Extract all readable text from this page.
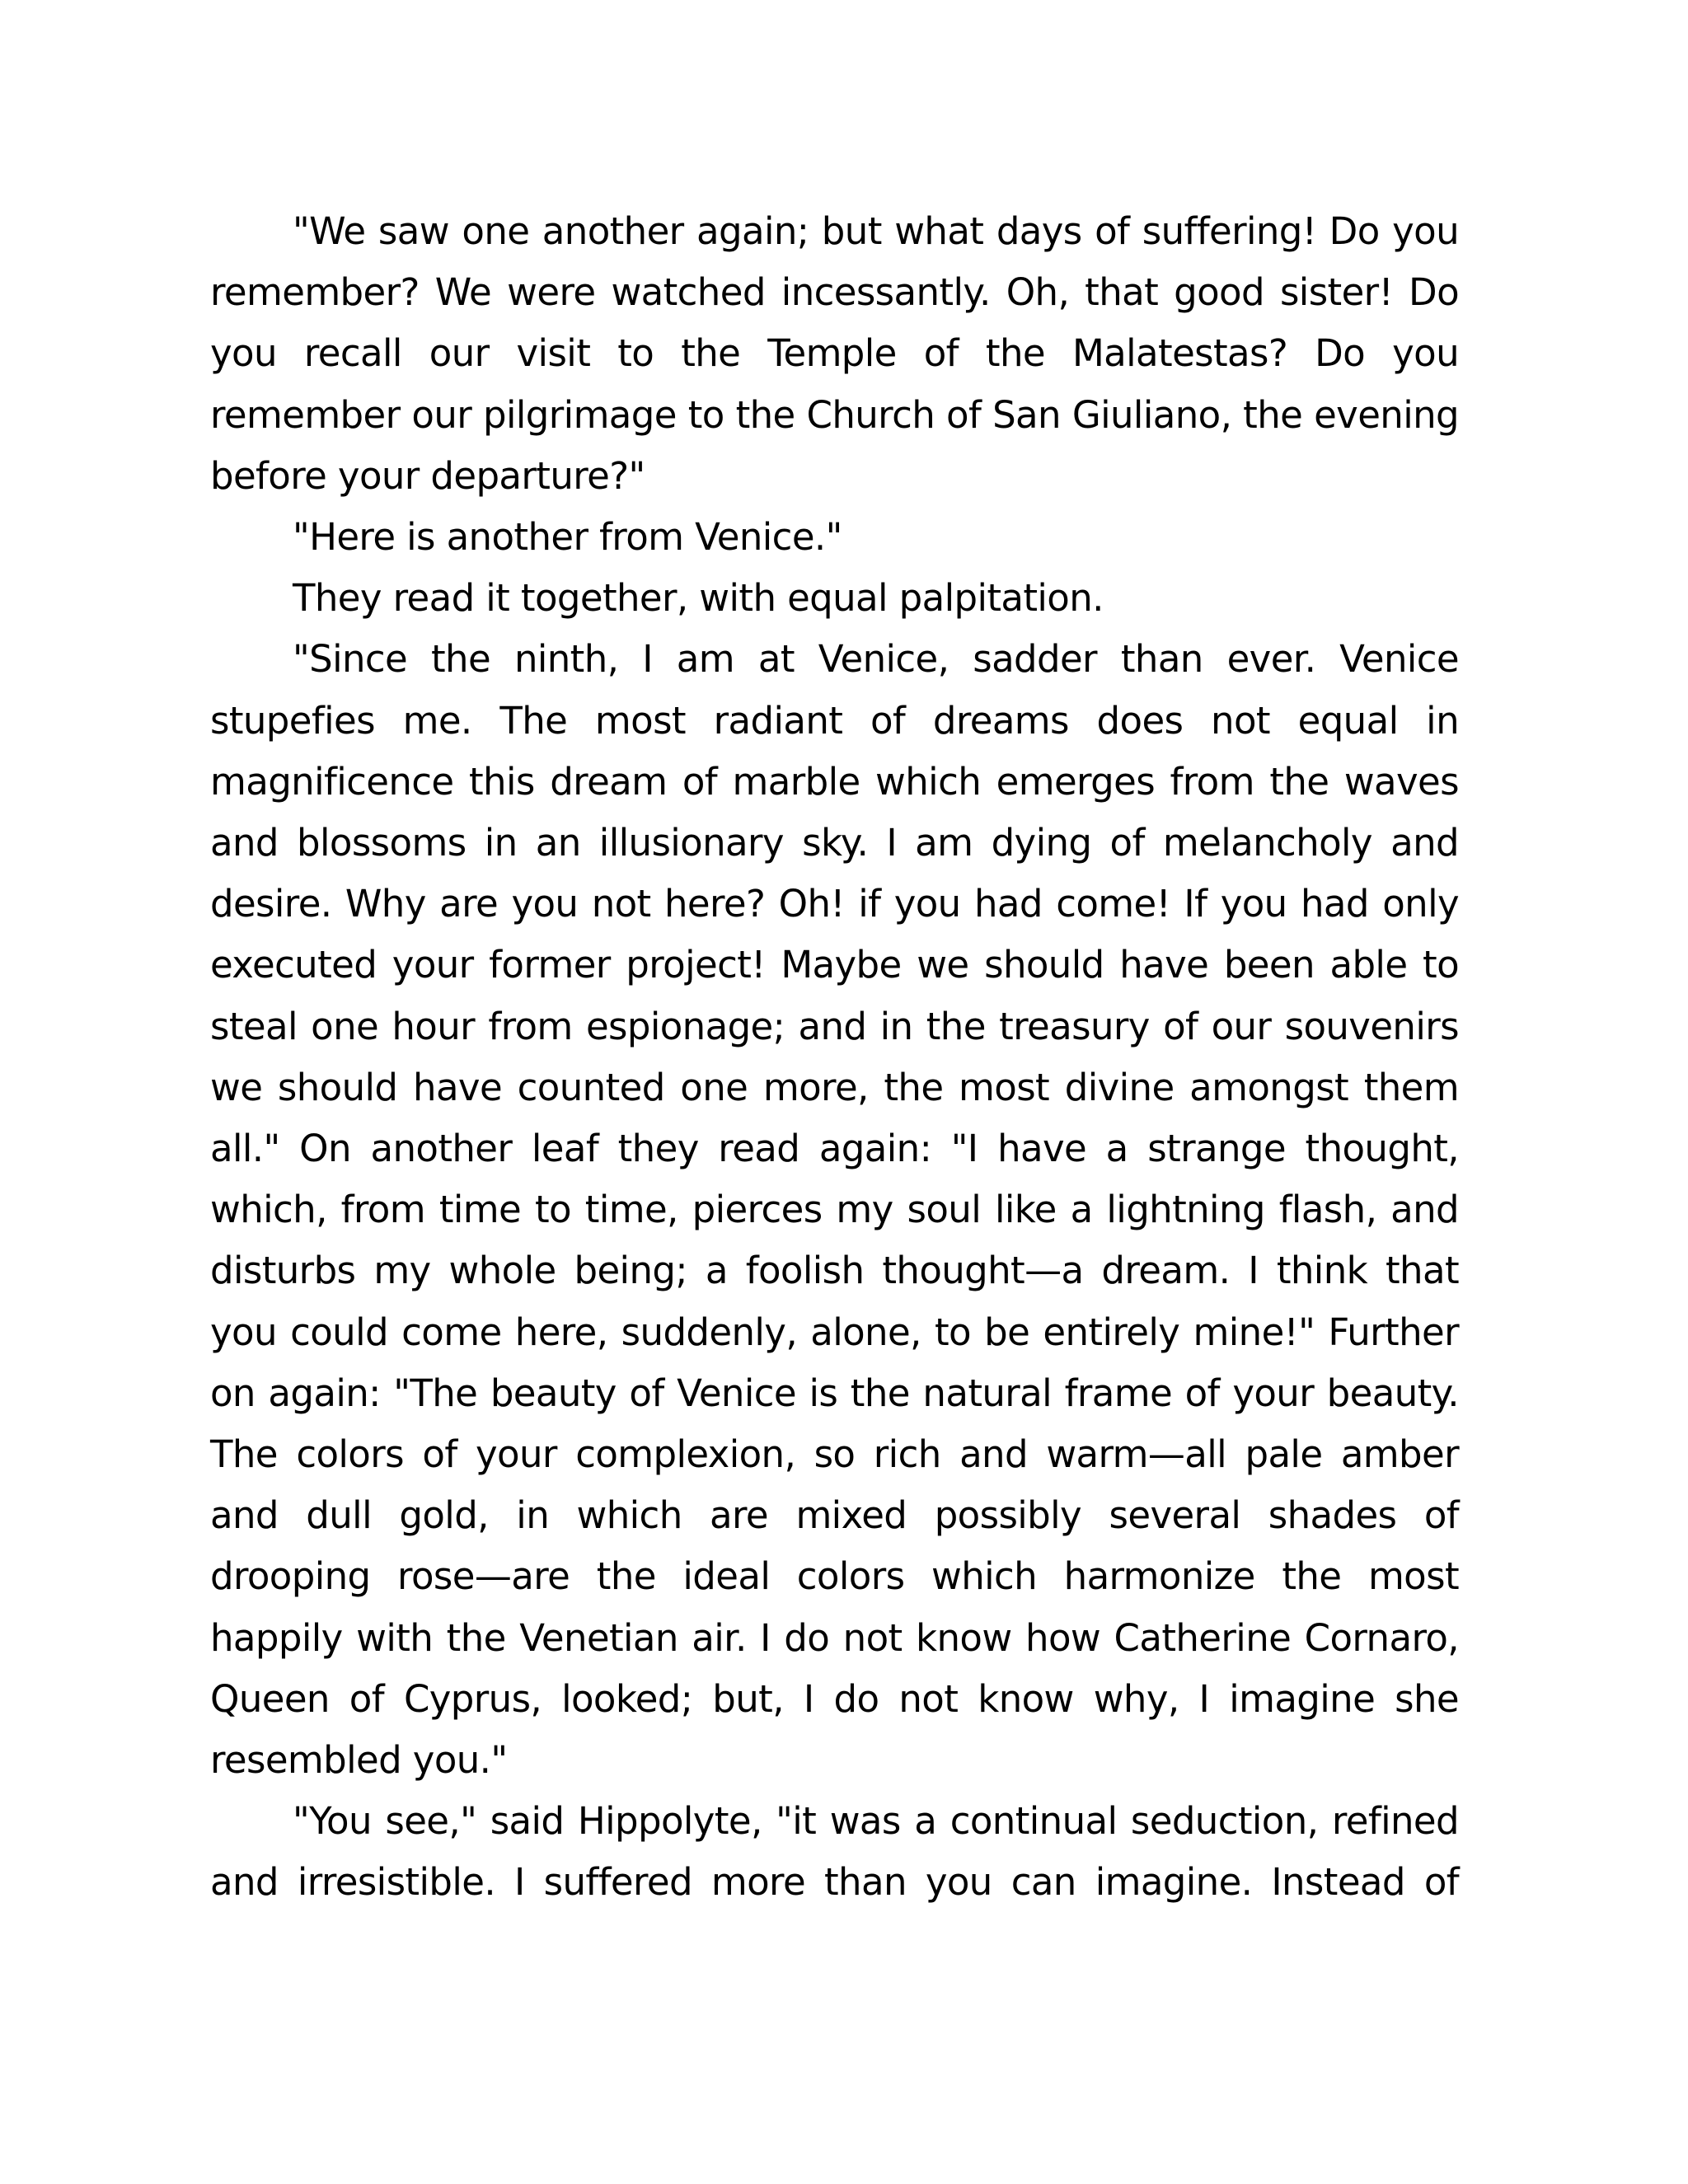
"We saw one another again; but what days of suffering! Do you remember? We were watched incessantly. Oh, that good sister! Do you recall our visit to the Temple of the Malatestas? Do you remember our pilgrimage to the Church of San Giuliano, the evening before your departure?"

"Here is another from Venice."

They read it together, with equal palpitation.

"Since the ninth, I am at Venice, sadder than ever. Venice stupefies me. The most radiant of dreams does not equal in magnificence this dream of marble which emerges from the waves and blossoms in an illusionary sky. I am dying of melancholy and desire. Why are you not here? Oh! if you had come! If you had only executed your former project! Maybe we should have been able to steal one hour from espionage; and in the treasury of our souvenirs we should have counted one more, the most divine amongst them all." On another leaf they read again: "I have a strange thought, which, from time to time, pierces my soul like a lightning flash, and disturbs my whole being; a foolish thought—a dream. I think that you could come here, suddenly, alone, to be entirely mine!" Further on again: "The beauty of Venice is the natural frame of your beauty. The colors of your complexion, so rich and warm—all pale amber and dull gold, in which are mixed possibly several shades of drooping rose—are the ideal colors which harmonize the most happily with the Venetian air. I do not know how Catherine Cornaro, Queen of Cyprus, looked; but, I do not know why, I imagine she resembled you."

"You see," said Hippolyte, "it was a continual seduction, refined and irresistible. I suffered more than you can imagine. Instead of
